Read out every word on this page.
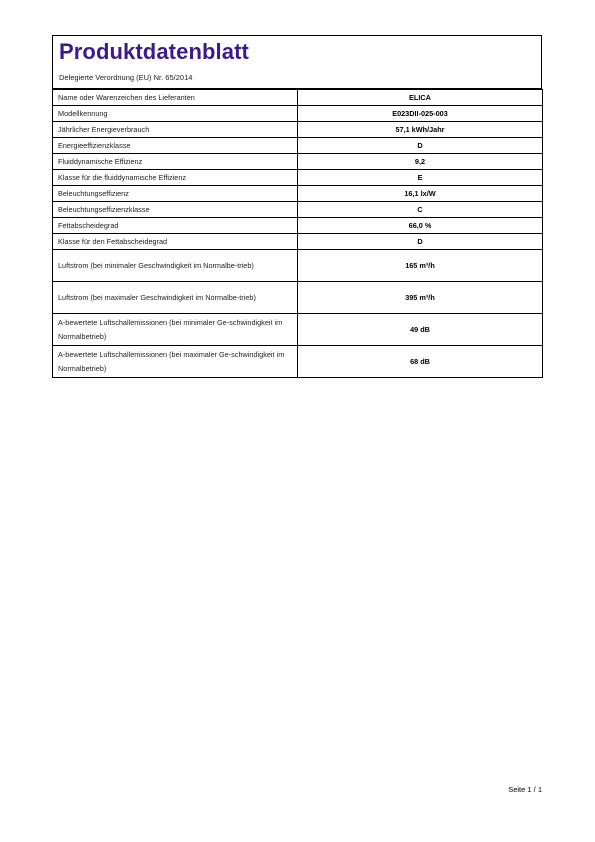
Produktdatenblatt
Delegierte Verordnung (EU) Nr. 65/2014
Name oder Warenzeichen des Lieferanten	ELICA
Modellkennung	E023DII-025-003
Jährlicher Energieverbrauch	57,1 kWh/Jahr
Energieeffizienzklasse	D
Fluiddynamische Effizienz	9,2
Klasse für die fluiddynamische Effizienz	E
Beleuchtungseffizienz	16,1 lx/W
Beleuchtungseffizienzklasse	C
Fettabscheidegrad	66,0 %
Klasse für den Fettabscheidegrad	D
Luftstrom (bei minimaler Geschwindigkeit im Normalbe-trieb)	165 m³/h
Luftstrom (bei maximaler Geschwindigkeit im Normalbe-trieb)	395 m³/h
A-bewertete Luftschallemissionen (bei minimaler Ge-schwindigkeit im Normalbetrieb)	49 dB
A-bewertete Luftschallemissionen (bei maximaler Ge-schwindigkeit im Normalbetrieb)	68 dB
Seite 1 / 1
